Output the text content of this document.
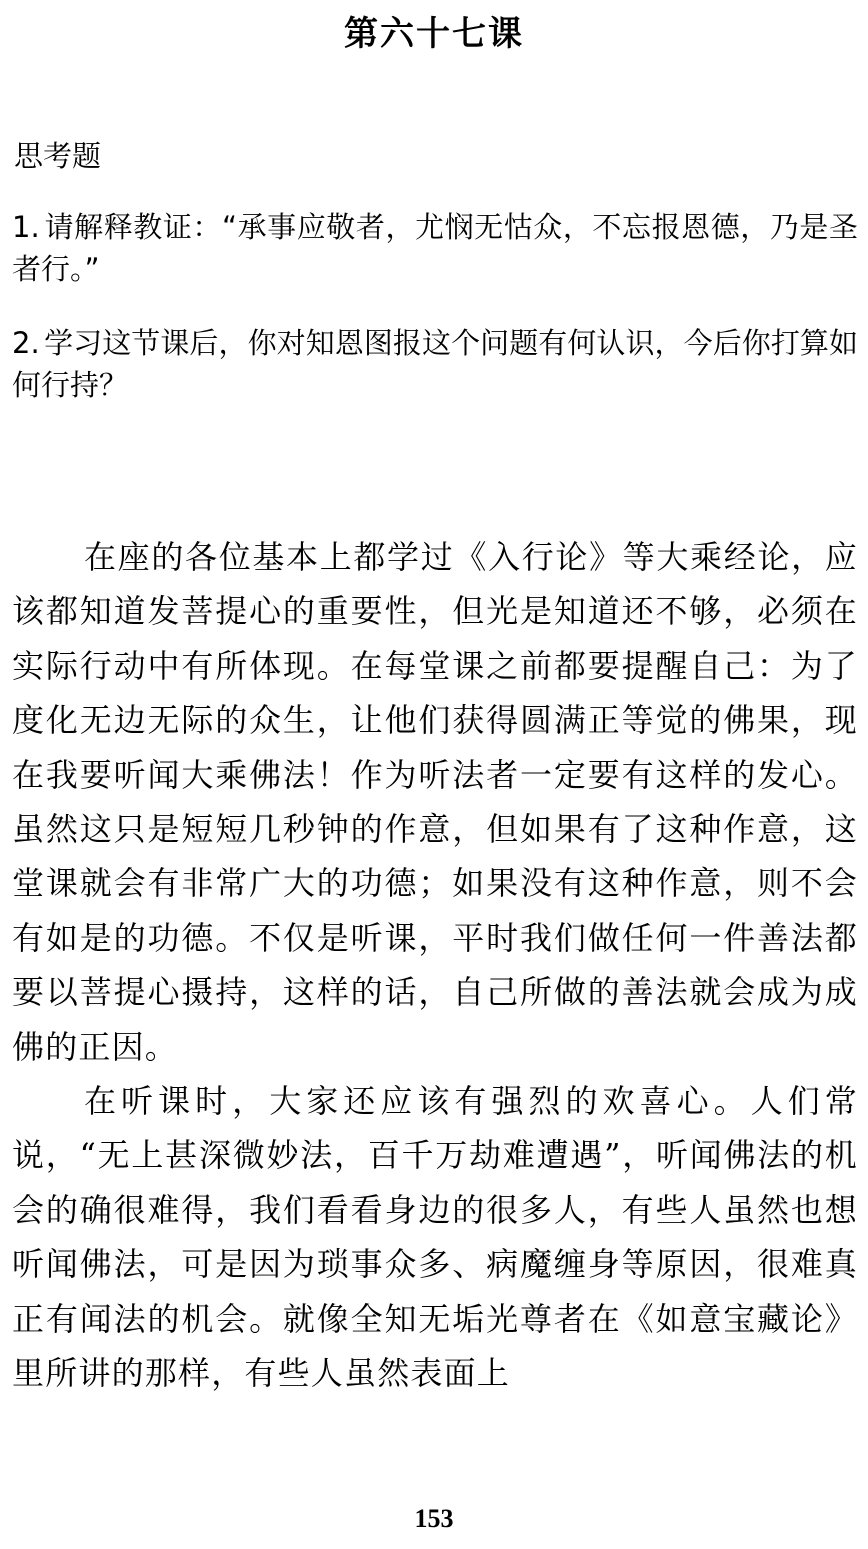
第六十七课
思考题
1. 请解释教证：“承事应敬者，尤悯无怙众，不忘报恩德，乃是圣者行。”
2. 学习这节课后，你对知恩图报这个问题有何认识，今后你打算如何行持？

在座的各位基本上都学过《入行论》等大乘经论，应该都知道发菩提心的重要性，但光是知道还不够，必须在实际行动中有所体现。在每堂课之前都要提醒自己：为了度化无边无际的众生，让他们获得圆满正等觉的佛果，现在我要听闻大乘佛法！作为听法者一定要有这样的发心。虽然这只是短短几秒钟的作意，但如果有了这种作意，这堂课就会有非常广大的功德；如果没有这种作意，则不会有如是的功德。不仅是听课，平时我们做任何一件善法都要以菩提心摄持，这样的话，自己所做的善法就会成为成佛的正因。

在听课时，大家还应该有强烈的欢喜心。人们常说，“无上甚深微妙法，百千万劫难遭遇”，听闻佛法的机会的确很难得，我们看看身边的很多人，有些人虽然也想听闻佛法，可是因为琐事众多、病魔缠身等原因，很难真正有闻法的机会。就像全知无垢光尊者在《如意宝藏论》里所讲的那样，有些人虽然表面上

153
